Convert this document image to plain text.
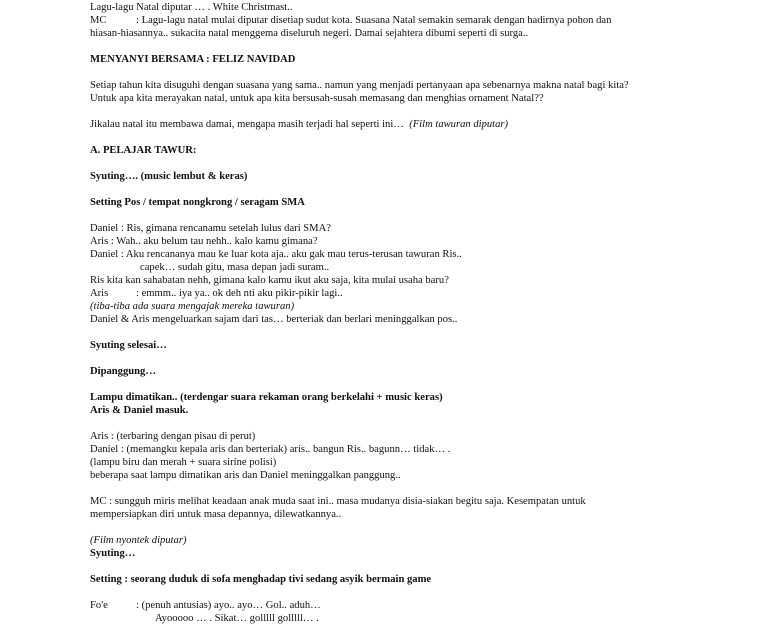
Lagu-lagu Natal diputar … . White Christmast..
MC	: Lagu-lagu natal mulai diputar disetiap sudut kota. Suasana Natal semakin semarak dengan hadirnya pohon dan
hiasan-hiasannya.. sukacita natal menggema diseluruh negeri. Damai sejahtera dibumi seperti di surga..
MENYANYI BERSAMA : FELIZ NAVIDAD
Setiap tahun kita disuguhi dengan suasana yang sama.. namun yang menjadi pertanyaan apa sebenarnya makna natal bagi kita?
Untuk apa kita merayakan natal, untuk apa kita bersusah-susah memasang dan menghias ornament Natal??
Jikalau natal itu membawa damai, mengapa masih terjadi hal seperti ini… (Film tawuran diputar)
A. PELAJAR TAWUR:
Syuting…. (music lembut & keras)
Setting Pos / tempat nongkrong / seragam SMA
Daniel : Ris, gimana rencanamu setelah lulus dari SMA?
Aris : Wah.. aku belum tau nehh.. kalo kamu gimana?
Daniel : Aku rencananya mau ke luar kota aja.. aku gak mau terus-terusan tawuran Ris..
capek… sudah gitu, masa depan jadi suram..
Ris kita kan sahabatan nehh, gimana kalo kamu ikut aku saja, kita mulai usaha baru?
Aris	: emmm.. iya ya.. ok deh nti aku pikir-pikir lagi..
(tiba-tiba ada suara mengajak mereka tawuran)
Daniel & Aris mengeluarkan sajam dari tas… berteriak dan berlari meninggalkan pos..
Syuting selesai…
Dipanggung…
Lampu dimatikan.. (terdengar suara rekaman orang berkelahi + music keras)
Aris & Daniel masuk.
Aris : (terbaring dengan pisau di perut)
Daniel : (memangku kepala aris dan berteriak) aris.. bangun Ris.. bagunn… tidak… .
(lampu biru dan merah + suara sirine polisi)
beberapa saat lampu dimatikan aris dan Daniel meninggalkan panggung..
MC : sungguh miris melihat keadaan anak muda saat ini.. masa mudanya disia-siakan begitu saja. Kesempatan untuk
mempersiapkan diri untuk masa depannya, dilewatkannya..
(Film nyontek diputar)
Syuting…
Setting : seorang duduk di sofa menghadap tivi sedang asyik bermain game
Fo'e	: (penuh antusias) ayo.. ayo… Gol.. aduh…
Ayooooo … . Sikat… golllll golllll… .
